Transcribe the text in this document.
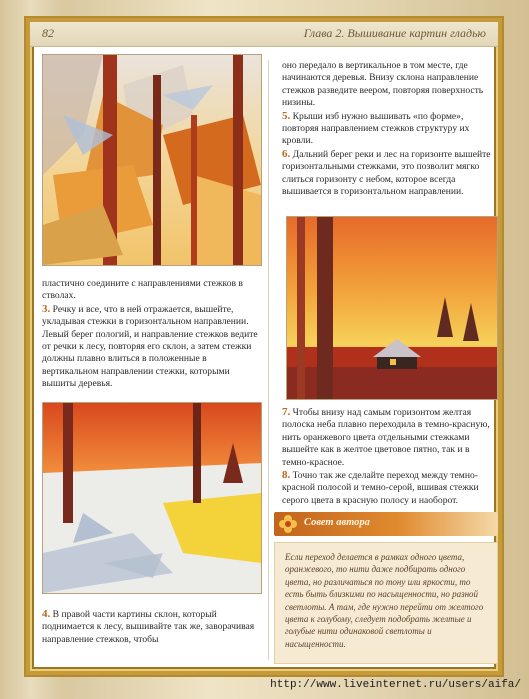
82	Глава 2. Вышивание картин гладью

пластично соедините с направлениями стежков в стволах.

3. Речку и все, что в ней отражается, вышейте, укладывая стежки в горизонтальном направлении. Левый берег пологий, и направление стежков ведите от речки к лесу, повторяя его склон, а затем стежки должны плавно влиться в положенные в вертикальном направлении стежки, которыми вышиты деревья.

4. В правой части картины склон, который поднимается к лесу, вышивайте так же, заворачивая направление стежков, чтобы

оно передало в вертикальное в том месте, где начинаются деревья. Внизу склона направление стежков разведите веером, повторяя поверхность низины.

5. Крыши изб нужно вышивать «по форме», повторяя направлением стежков структуру их кровли.

6. Дальний берег реки и лес на горизонте вышейте горизонтальными стежками, это позволит мягко слиться горизонту с небом, которое всегда вышивается в горизонтальном направлении.

7. Чтобы внизу над самым горизонтом желтая полоска неба плавно переходила в темно-красную, нить оранжевого цвета отдельными стежками вышейте как в желтое цветовое пятно, так и в темно-красное.

8. Точно так же сделайте переход между темно-красной полосой и темно-серой, вшивая стежки серого цвета в красную полосу и наоборот.

Совет автора
Если переход делается в рамках одного цвета, оранжевого, то нити даже подбирать одного цвета, но различаться по тону или яркости, то есть быть близкими по насыщенности, но разной светлоты. А там, где нужно перейти от желтого цвета к голубому, следует подобрать желтые и голубые нити одинаковой светлоты и насыщенности.
http://www.liveinternet.ru/users/aifa/
